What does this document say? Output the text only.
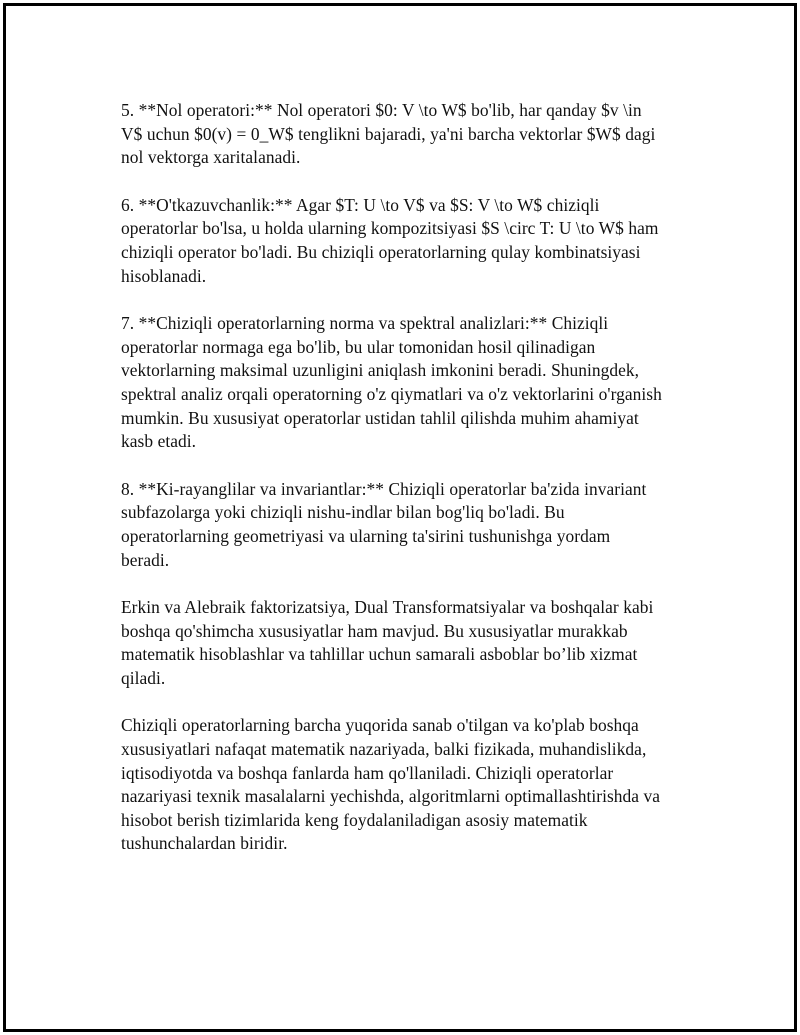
5. **Nol operatori:** Nol operatori $0: V \to W$ bo'lib, har qanday $v \in
V$ uchun $0(v) = 0_W$ tenglikni bajaradi, ya'ni barcha vektorlar $W$ dagi
nol vektorga xaritalanadi.

6. **O'tkazuvchanlik:** Agar $T: U \to V$ va $S: V \to W$ chiziqli
operatorlar bo'lsa, u holda ularning kompozitsiyasi $S \circ T: U \to W$ ham
chiziqli operator bo'ladi. Bu chiziqli operatorlarning qulay kombinatsiyasi
hisoblanadi.

7. **Chiziqli operatorlarning norma va spektral analizlari:** Chiziqli
operatorlar normaga ega bo'lib, bu ular tomonidan hosil qilinadigan
vektorlarning maksimal uzunligini aniqlash imkonini beradi. Shuningdek,
spektral analiz orqali operatorning o'z qiymatlari va o'z vektorlarini o'rganish
mumkin. Bu xususiyat operatorlar ustidan tahlil qilishda muhim ahamiyat
kasb etadi.

8. **Ki-rayanglilar va invariantlar:** Chiziqli operatorlar ba'zida invariant
subfazolarga yoki chiziqli nishu-indlar bilan bog'liq bo'ladi. Bu
operatorlarning geometriyasi va ularning ta'sirini tushunishga yordam
beradi.

Erkin va Alebraik faktorizatsiya, Dual Transformatsiyalar va boshqalar kabi
boshqa qo'shimcha xususiyatlar ham mavjud. Bu xususiyatlar murakkab
matematik hisoblashlar va tahlillar uchun samarali asboblar bo’lib xizmat
qiladi.

Chiziqli operatorlarning barcha yuqorida sanab o'tilgan va ko'plab boshqa
xususiyatlari nafaqat matematik nazariyada, balki fizikada, muhandislikda,
iqtisodiyotda va boshqa fanlarda ham qo'llaniladi. Chiziqli operatorlar
nazariyasi texnik masalalarni yechishda, algoritmlarni optimallashtirishda va
hisobot berish tizimlarida keng foydalaniladigan asosiy matematik
tushunchalardan biridir.
